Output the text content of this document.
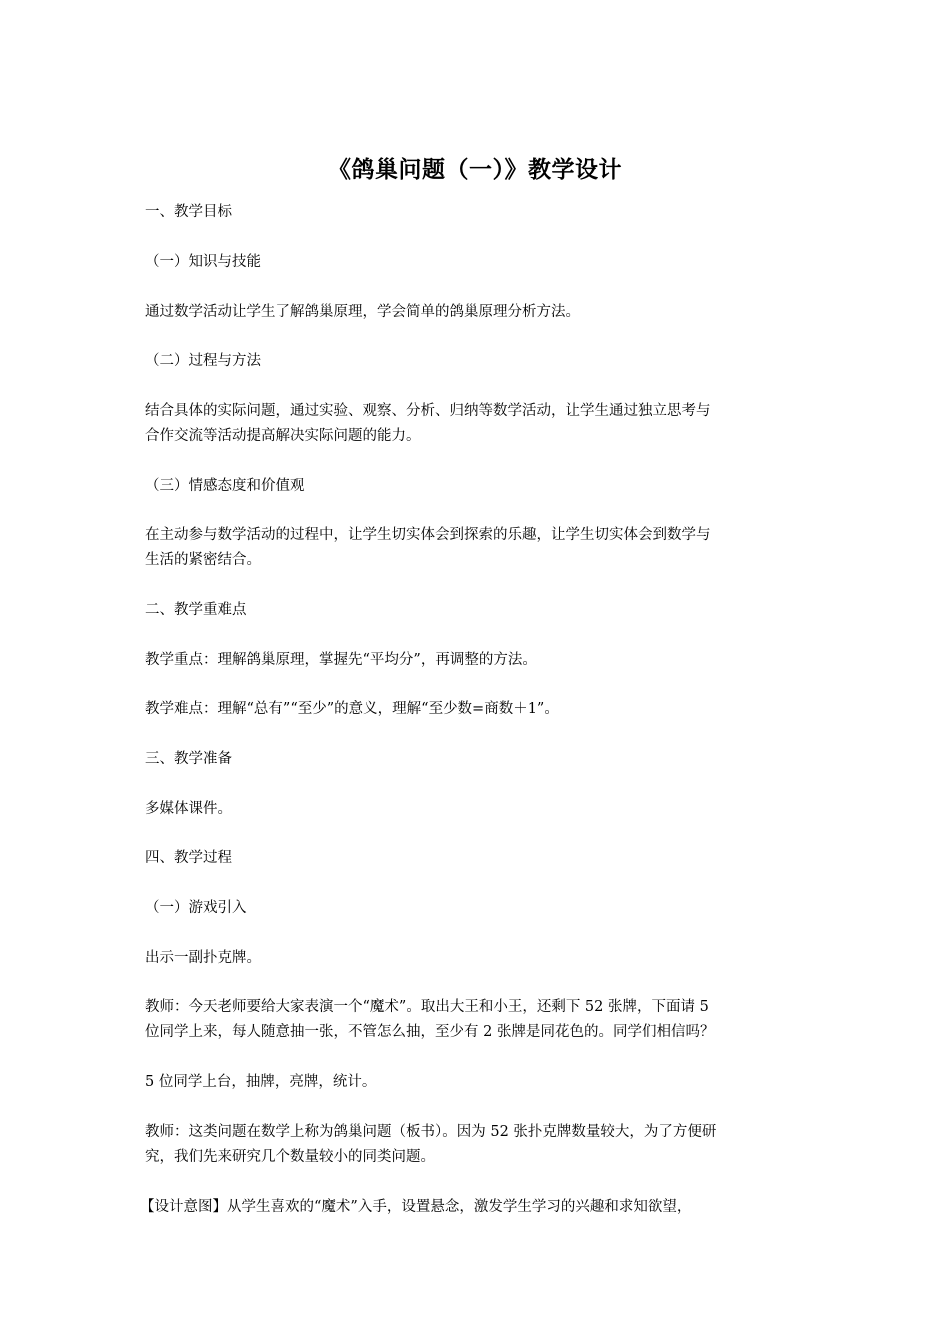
《鸽巢问题（一）》教学设计
一、教学目标
（一）知识与技能
通过数学活动让学生了解鸽巢原理，学会简单的鸽巢原理分析方法。
（二）过程与方法
结合具体的实际问题，通过实验、观察、分析、归纳等数学活动，让学生通过独立思考与
合作交流等活动提高解决实际问题的能力。
（三）情感态度和价值观
在主动参与数学活动的过程中，让学生切实体会到探索的乐趣，让学生切实体会到数学与
生活的紧密结合。
二、教学重难点
教学重点：理解鸽巢原理，掌握先“平均分”，再调整的方法。
教学难点：理解“总有”“至少”的意义，理解“至少数=商数＋1”。
三、教学准备
多媒体课件。
四、教学过程
（一）游戏引入
出示一副扑克牌。
教师：今天老师要给大家表演一个“魔术”。取出大王和小王，还剩下 52 张牌，下面请 5
位同学上来，每人随意抽一张，不管怎么抽，至少有 2 张牌是同花色的。同学们相信吗？
5 位同学上台，抽牌，亮牌，统计。
教师：这类问题在数学上称为鸽巢问题（板书）。因为 52 张扑克牌数量较大，为了方便研
究，我们先来研究几个数量较小的同类问题。
【设计意图】从学生喜欢的“魔术”入手，设置悬念，激发学生学习的兴趣和求知欲望，
